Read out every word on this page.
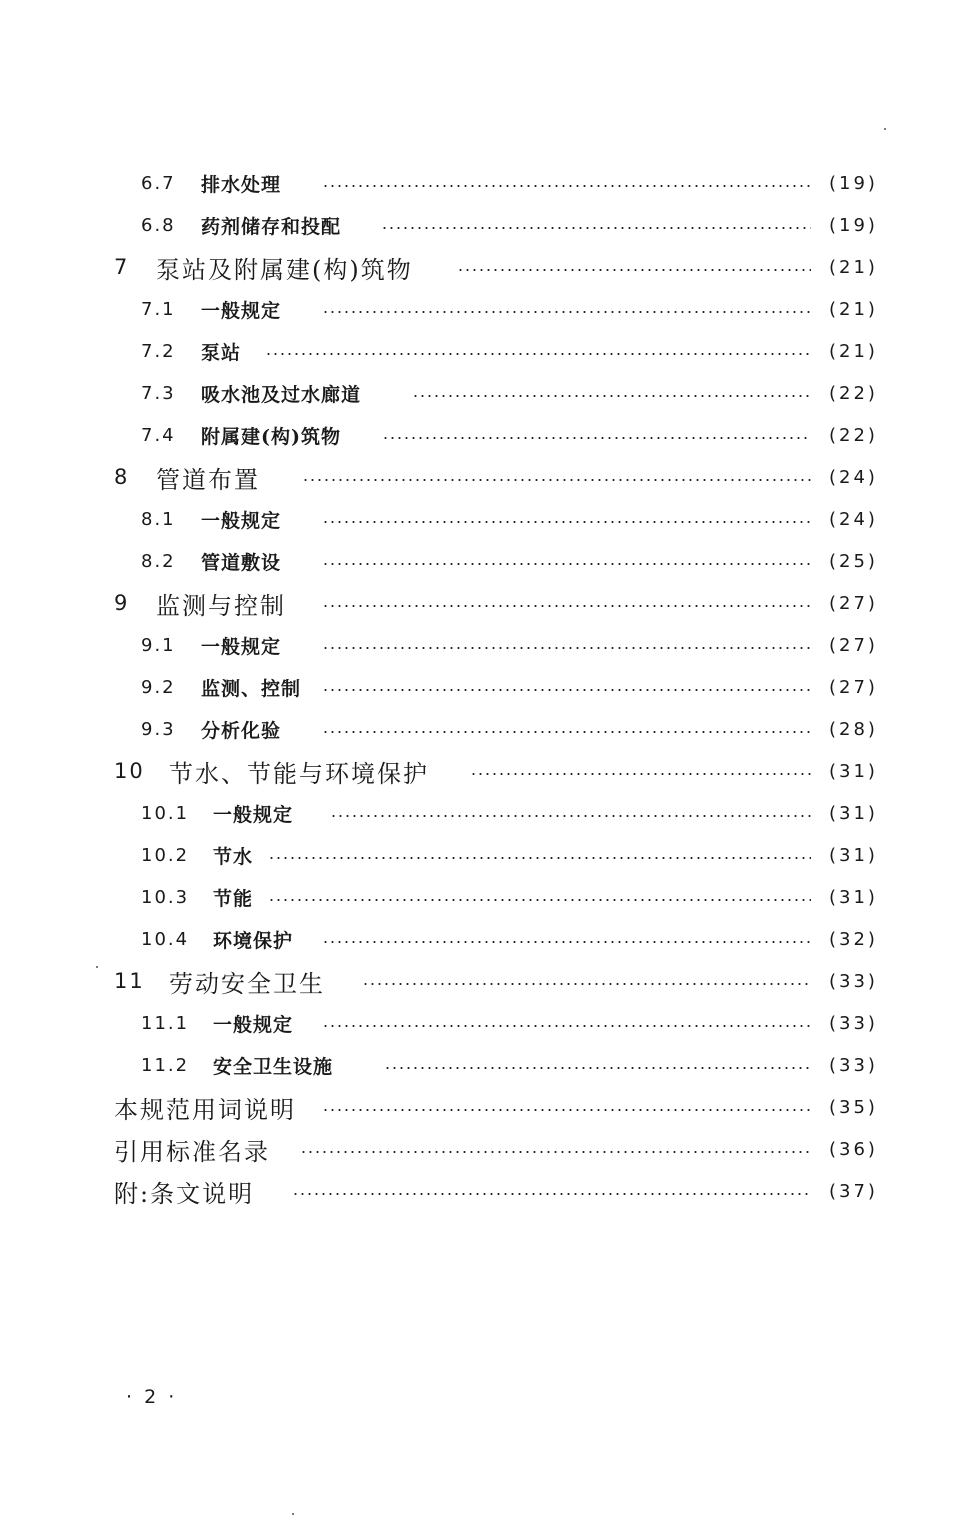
6.7 排水处理	(19)
6.8 药剂储存和投配	(19)
7 泵站及附属建(构)筑物	(21)
7.1 一般规定	(21)
7.2 泵站	(21)
7.3 吸水池及过水廊道	(22)
7.4 附属建(构)筑物	(22)
8 管道布置	(24)
8.1 一般规定	(24)
8.2 管道敷设	(25)
9 监测与控制	(27)
9.1 一般规定	(27)
9.2 监测、控制	(27)
9.3 分析化验	(28)
10 节水、节能与环境保护	(31)
10.1 一般规定	(31)
10.2 节水	(31)
10.3 节能	(31)
10.4 环境保护	(32)
11 劳动安全卫生	(33)
11.1 一般规定	(33)
11.2 安全卫生设施	(33)
本规范用词说明	(35)
引用标准名录	(36)
附:条文说明	(37)
· 2 ·
